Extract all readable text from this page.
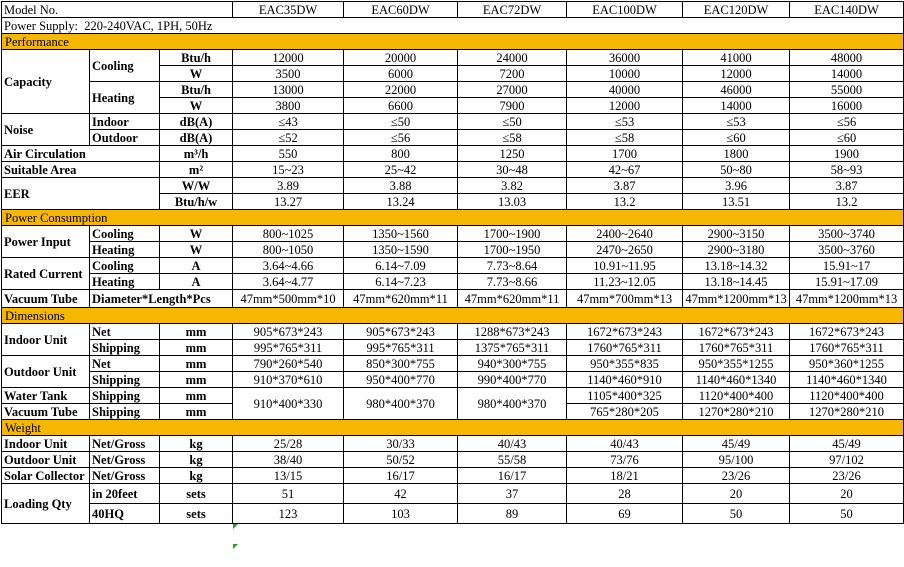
Model No.			EAC35DW	EAC60DW	EAC72DW	EAC100DW	EAC120DW	EAC140DW
Power Supply: 220-240VAC, 1PH, 50Hz								
Performance								
Capacity	Cooling	Btu/h	12000	20000	24000	36000	41000	48000
		W	3500	6000	7200	10000	12000	14000
	Heating	Btu/h	13000	22000	27000	40000	46000	55000
		W	3800	6600	7900	12000	14000	16000
Noise	Indoor	dB(A)	≤43	≤50	≤50	≤53	≤53	≤56
	Outdoor	dB(A)	≤52	≤56	≤58	≤58	≤60	≤60
Air Circulation		m³/h	550	800	1250	1700	1800	1900
Suitable Area		m²	15~23	25~42	30~48	42~67	50~80	58~93
EER		W/W	3.89	3.88	3.82	3.87	3.96	3.87
		Btu/h/w	13.27	13.24	13.03	13.2	13.51	13.2
Power Consumption								
Power Input	Cooling	W	800~1025	1350~1560	1700~1900	2400~2640	2900~3150	3500~3740
	Heating	W	800~1050	1350~1590	1700~1950	2470~2650	2900~3180	3500~3760
Rated Current	Cooling	A	3.64~4.66	6.14~7.09	7.73~8.64	10.91~11.95	13.18~14.32	15.91~17
	Heating	A	3.64~4.77	6.14~7.23	7.73~8.66	11.23~12.05	13.18~14.45	15.91~17.09
Vacuum Tube	Diameter*Length*Pcs		47mm*500mm*10	47mm*620mm*11	47mm*620mm*11	47mm*700mm*13	47mm*1200mm*13	47mm*1200mm*13
Dimensions								
Indoor Unit	Net	mm	905*673*243	905*673*243	1288*673*243	1672*673*243	1672*673*243	1672*673*243
	Shipping	mm	995*765*311	995*765*311	1375*765*311	1760*765*311	1760*765*311	1760*765*311
Outdoor Unit	Net	mm	790*260*540	850*300*755	940*300*755	950*355*835	950*355*1255	950*360*1255
	Shipping	mm	910*370*610	950*400*770	990*400*770	1140*460*910	1140*460*1340	1140*460*1340
Water Tank	Shipping	mm	910*400*330	980*400*370	980*400*370	1105*400*325	1120*400*400	1120*400*400
Vacuum Tube	Shipping	mm				765*280*205	1270*280*210	1270*280*210
Weight								
Indoor Unit	Net/Gross	kg	25/28	30/33	40/43	40/43	45/49	45/49
Outdoor Unit	Net/Gross	kg	38/40	50/52	55/58	73/76	95/100	97/102
Solar Collector	Net/Gross	kg	13/15	16/17	16/17	18/21	23/26	23/26
Loading Qty	in 20feet	sets	51	42	37	28	20	20
	40HQ	sets	123	103	89	69	50	50
